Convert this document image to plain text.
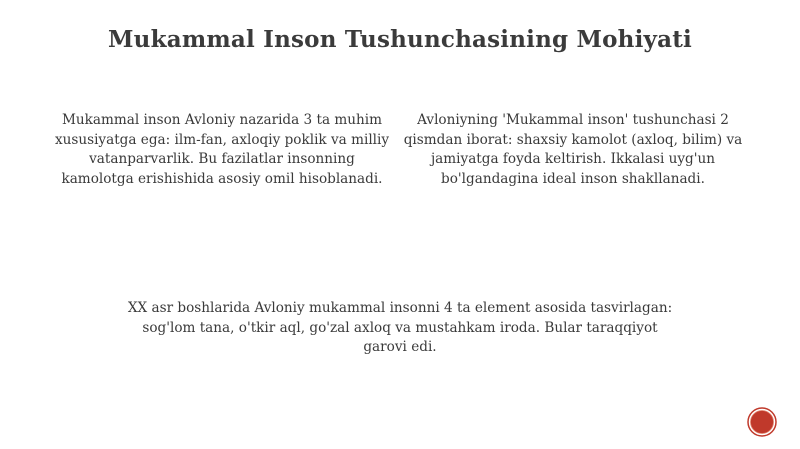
Mukammal Inson Tushunchasining Mohiyati
Mukammal inson Avloniy nazarida 3 ta muhim xususiyatga ega: ilm-fan, axloqiy poklik va milliy vatanparvarlik. Bu fazilatlar insonning kamolotga erishishida asosiy omil hisoblanadi.
Avloniyning 'Mukammal inson' tushunchasi 2 qismdan iborat: shaxsiy kamolot (axloq, bilim) va jamiyatga foyda keltirish. Ikkalasi uyg'un bo'lgandagina ideal inson shakllanadi.
XX asr boshlarida Avloniy mukammal insonni 4 ta element asosida tasvirlagan: sog'lom tana, o'tkir aql, go'zal axloq va mustahkam iroda. Bular taraqqiyot garovi edi.
